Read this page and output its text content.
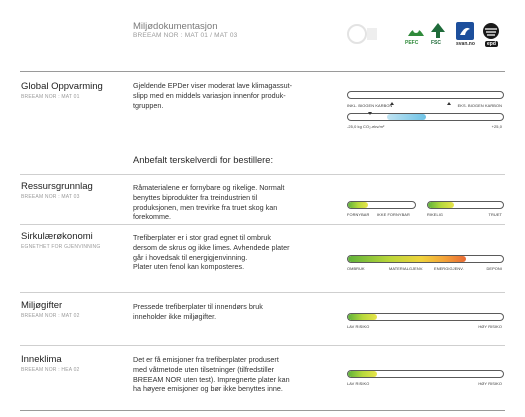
Miljødokumentasjon
BREEAM NOR : MAT 01 / MAT 03
PEFC	FSC	svan.no	epd
Global Oppvarming
BREEAM NOR : MAT 01
Gjeldende EPDer viser moderat lave klimagassut-
slipp med en middels variasjon innenfor produk-
tgruppen.	INKL. BIOGEN KARBON	EKS. BIOGEN KARBON
-25,0 kg CO₂-ekv/m²	+25,0
Anbefalt terskelverdi for bestillere:
Ressursgrunnlag
BREEAM NOR : MAT 03
Råmaterialene er fornybare og rikelige. Normalt
benyttes biprodukter fra treindustrien til
produksjonen, men trevirke fra truet skog kan
forekomme.	FORNYBAR IKKE FORNYBAR	RIKELIG	TRUET
Sirkulærøkonomi
EGNETHET FOR GJENVINNING
Trefiberplater er i stor grad egnet til ombruk
dersom de skrus og ikke limes. Avhendede plater
går i hovedsak til energigjenvinning.
Plater uten fenol kan komposteres.	OMBRUK	MATERIALGJENV.	ENERGIGJENV.	DEPONI
Miljøgifter
BREEAM NOR : MAT 02
Pressede trefiberplater til innendørs bruk
inneholder ikke miljøgifter.
LAV RISIKO	HØY RISIKO
Inneklima
BREEAM NOR : HEA 02
Det er få emisjoner fra trefiberplater produsert
med våtmetode uten tilsetninger (tilfredstiller
BREEAM NOR uten test). Impregnerte plater kan
ha høyere emisjoner og bør ikke benyttes inne.
LAV RISIKO	HØY RISIKO
